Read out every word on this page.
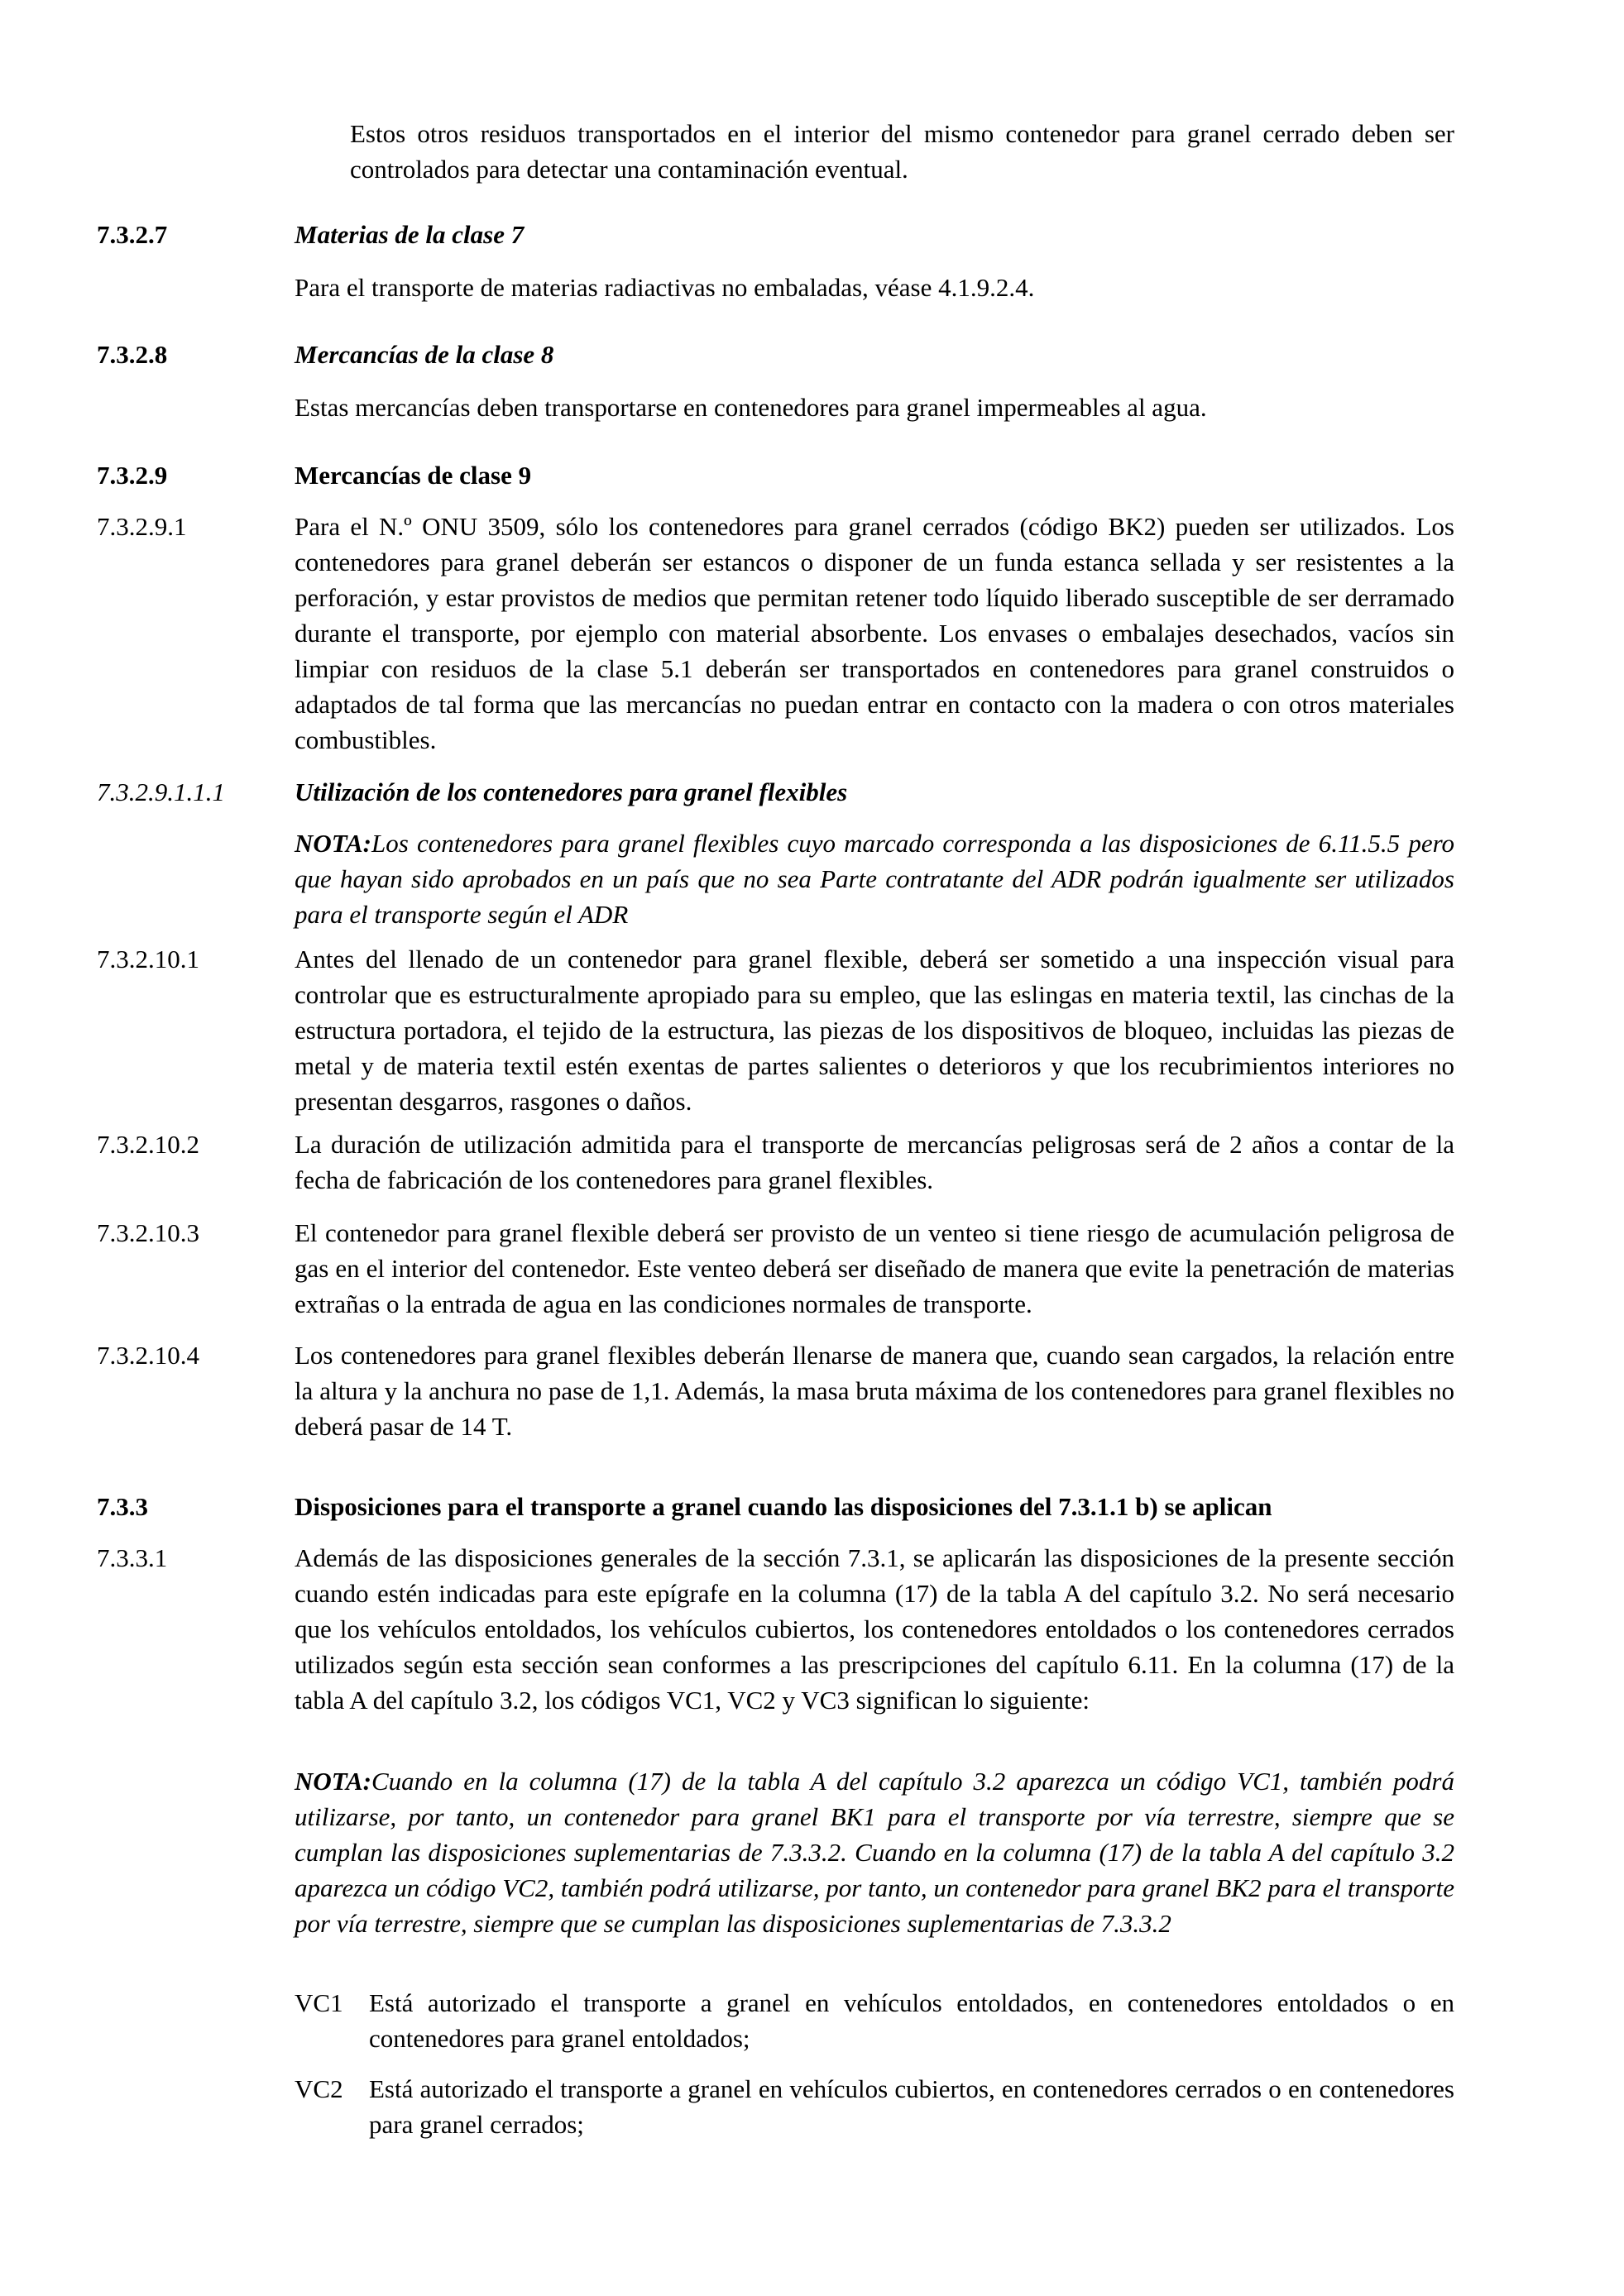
Estos otros residuos transportados en el interior del mismo contenedor para granel cerrado deben ser controlados para detectar una contaminación eventual.
7.3.2.7	Materias de la clase 7
Para el transporte de materias radiactivas no embaladas, véase 4.1.9.2.4.
7.3.2.8	Mercancías de la clase 8
Estas mercancías deben transportarse en contenedores para granel impermeables al agua.
7.3.2.9	Mercancías de clase 9
7.3.2.9.1	Para el N.º ONU 3509, sólo los contenedores para granel cerrados (código BK2) pueden ser utilizados. Los contenedores para granel deberán ser estancos o disponer de un funda estanca sellada y ser resistentes a la perforación, y estar provistos de medios que permitan retener todo líquido liberado susceptible de ser derramado durante el transporte, por ejemplo con material absorbente. Los envases o embalajes desechados, vacíos sin limpiar con residuos de la clase 5.1 deberán ser transportados en contenedores para granel construidos o adaptados de tal forma que las mercancías no puedan entrar en contacto con la madera o con otros materiales combustibles.
7.3.2.9.1.1.1	Utilización de los contenedores para granel flexibles
NOTA:Los contenedores para granel flexibles cuyo marcado corresponda a las disposiciones de 6.11.5.5 pero que hayan sido aprobados en un país que no sea Parte contratante del ADR podrán igualmente ser utilizados para el transporte según el ADR
7.3.2.10.1	Antes del llenado de un contenedor para granel flexible, deberá ser sometido a una inspección visual para controlar que es estructuralmente apropiado para su empleo, que las eslingas en materia textil, las cinchas de la estructura portadora, el tejido de la estructura, las piezas de los dispositivos de bloqueo, incluidas las piezas de metal y de materia textil estén exentas de partes salientes o deterioros y que los recubrimientos interiores no presentan desgarros, rasgones o daños.
7.3.2.10.2	La duración de utilización admitida para el transporte de mercancías peligrosas será de 2 años a contar de la fecha de fabricación de los contenedores para granel flexibles.
7.3.2.10.3	El contenedor para granel flexible deberá ser provisto de un venteo si tiene riesgo de acumulación peligrosa de gas en el interior del contenedor. Este venteo deberá ser diseñado de manera que evite la penetración de materias extrañas o la entrada de agua en las condiciones normales de transporte.
7.3.2.10.4	Los contenedores para granel flexibles deberán llenarse de manera que, cuando sean cargados, la relación entre la altura y la anchura no pase de 1,1. Además, la masa bruta máxima de los contenedores para granel flexibles no deberá pasar de 14 T.
7.3.3	Disposiciones para el transporte a granel cuando las disposiciones del 7.3.1.1 b) se aplican
7.3.3.1	Además de las disposiciones generales de la sección 7.3.1, se aplicarán las disposiciones de la presente sección cuando estén indicadas para este epígrafe en la columna (17) de la tabla A del capítulo 3.2. No será necesario que los vehículos entoldados, los vehículos cubiertos, los contenedores entoldados o los contenedores cerrados utilizados según esta sección sean conformes a las prescripciones del capítulo 6.11. En la columna (17) de la tabla A del capítulo 3.2, los códigos VC1, VC2 y VC3 significan lo siguiente:
NOTA:Cuando en la columna (17) de la tabla A del capítulo 3.2 aparezca un código VC1, también podrá utilizarse, por tanto, un contenedor para granel BK1 para el transporte por vía terrestre, siempre que se cumplan las disposiciones suplementarias de 7.3.3.2. Cuando en la columna (17) de la tabla A del capítulo 3.2 aparezca un código VC2, también podrá utilizarse, por tanto, un contenedor para granel BK2 para el transporte por vía terrestre, siempre que se cumplan las disposiciones suplementarias de 7.3.3.2
VC1 Está autorizado el transporte a granel en vehículos entoldados, en contenedores entoldados o en contenedores para granel entoldados;
VC2 Está autorizado el transporte a granel en vehículos cubiertos, en contenedores cerrados o en contenedores para granel cerrados;
